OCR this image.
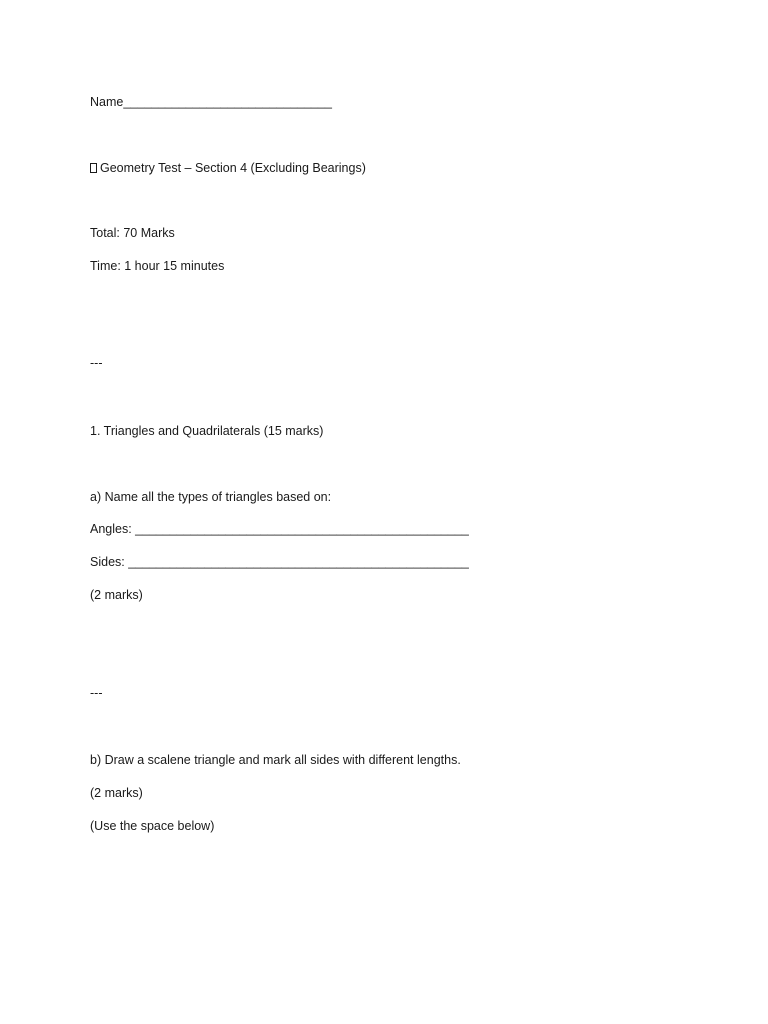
Name______________________________
Geometry Test – Section 4 (Excluding Bearings)
Total: 70 Marks
Time: 1 hour 15 minutes
---
1. Triangles and Quadrilaterals (15 marks)
a) Name all the types of triangles based on:
Angles: ________________________________________________
Sides: _________________________________________________
(2 marks)
---
b) Draw a scalene triangle and mark all sides with different lengths.
(2 marks)
(Use the space below)
